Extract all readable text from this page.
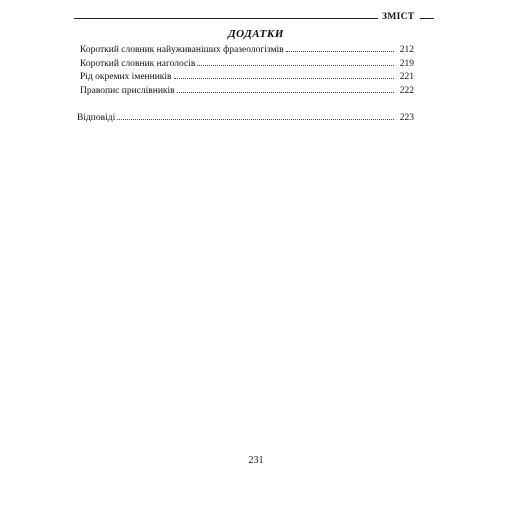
ЗМІСТ
ДОДАТКИ
Короткий словник найуживаніших фразеологізмів	212
Короткий словник наголосів	219
Рід окремих іменників	221
Правопис прислівників	222
Відповіді	223
231
